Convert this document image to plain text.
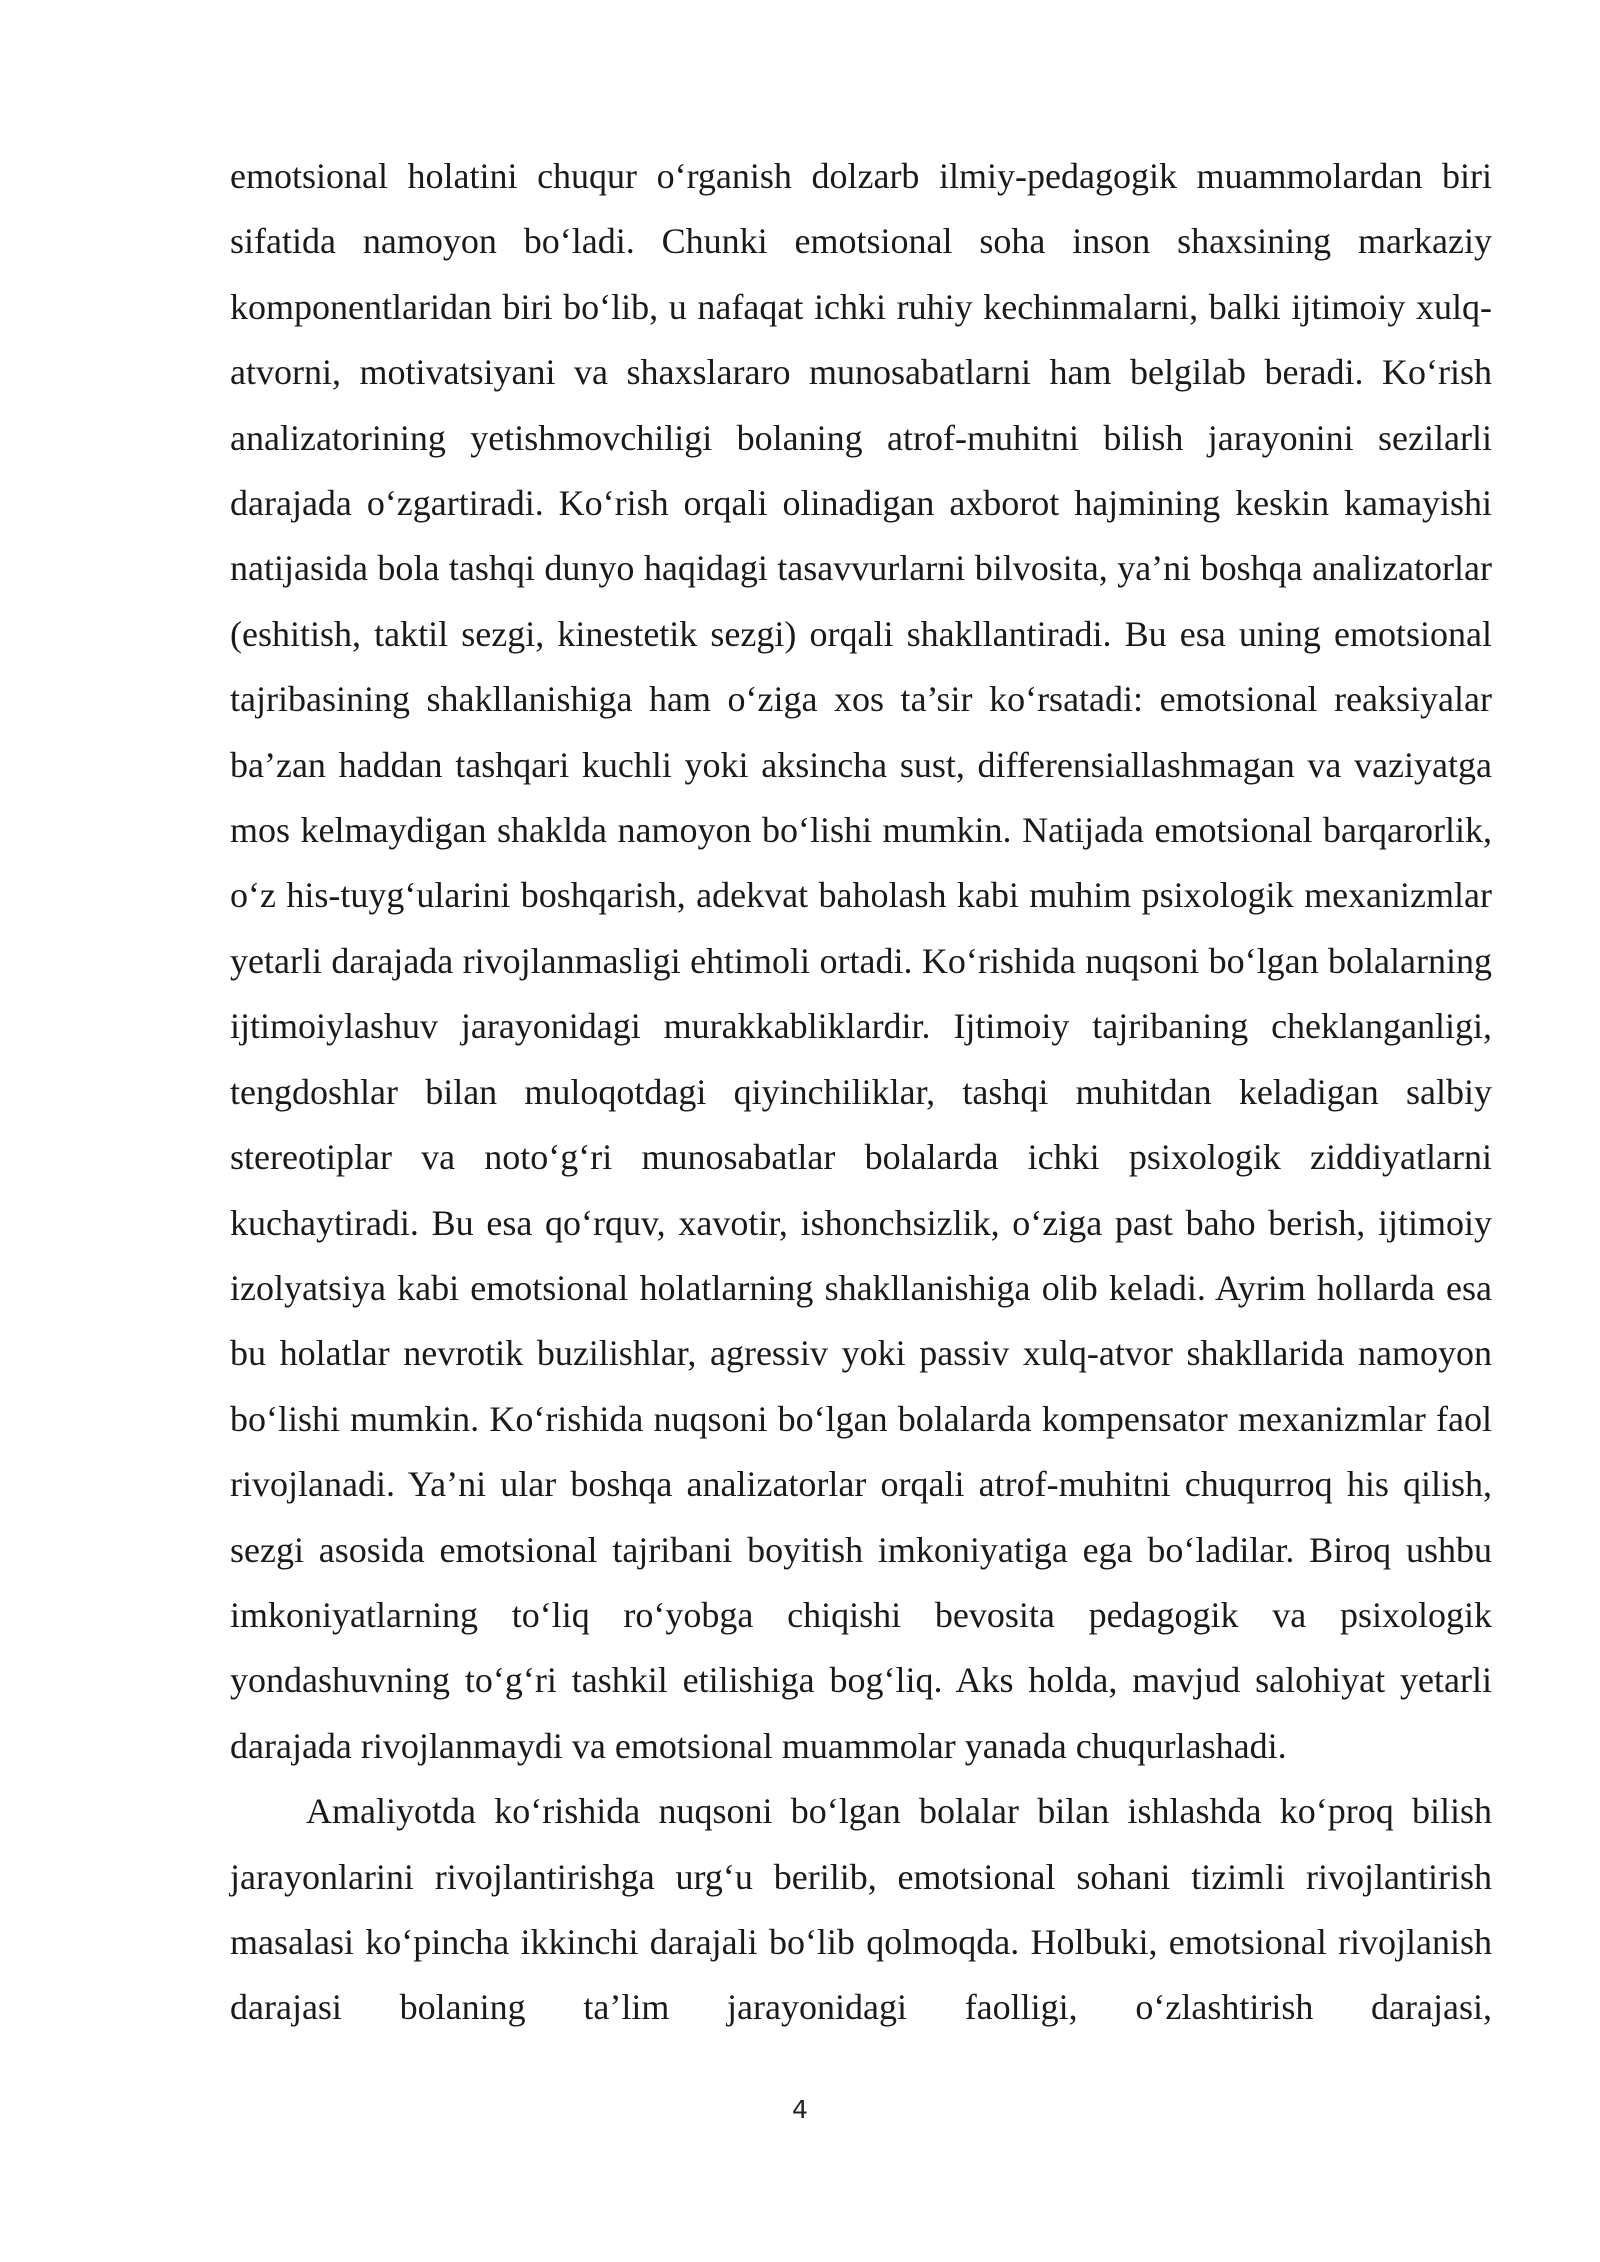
emotsional holatini chuqur o‘rganish dolzarb ilmiy-pedagogik muammolardan biri sifatida namoyon bo‘ladi. Chunki emotsional soha inson shaxsining markaziy komponentlaridan biri bo‘lib, u nafaqat ichki ruhiy kechinmalarni, balki ijtimoiy xulq-atvorni, motivatsiyani va shaxslararo munosabatlarni ham belgilab beradi. Ko‘rish analizatorining yetishmovchiligi bolaning atrof-muhitni bilish jarayonini sezilarli darajada o‘zgartiradi. Ko‘rish orqali olinadigan axborot hajmining keskin kamayishi natijasida bola tashqi dunyo haqidagi tasavvurlarni bilvosita, ya’ni boshqa analizatorlar (eshitish, taktil sezgi, kinestetik sezgi) orqali shakllantiradi. Bu esa uning emotsional tajribasining shakllanishiga ham o‘ziga xos ta’sir ko‘rsatadi: emotsional reaksiyalar ba’zan haddan tashqari kuchli yoki aksincha sust, differensiallashmagan va vaziyatga mos kelmaydigan shaklda namoyon bo‘lishi mumkin. Natijada emotsional barqarorlik, o‘z his-tuyg‘ularini boshqarish, adekvat baholash kabi muhim psixologik mexanizmlar yetarli darajada rivojlanmasligi ehtimoli ortadi. Ko‘rishida nuqsoni bo‘lgan bolalarning ijtimoiylashuv jarayonidagi murakkabliklardir. Ijtimoiy tajribaning cheklanganligi, tengdoshlar bilan muloqotdagi qiyinchiliklar, tashqi muhitdan keladigan salbiy stereotiplar va noto‘g‘ri munosabatlar bolalarda ichki psixologik ziddiyatlarni kuchaytiradi. Bu esa qo‘rquv, xavotir, ishonchsizlik, o‘ziga past baho berish, ijtimoiy izolyatsiya kabi emotsional holatlarning shakllanishiga olib keladi. Ayrim hollarda esa bu holatlar nevrotik buzilishlar, agressiv yoki passiv xulq-atvor shakllarida namoyon bo‘lishi mumkin. Ko‘rishida nuqsoni bo‘lgan bolalarda kompensator mexanizmlar faol rivojlanadi. Ya’ni ular boshqa analizatorlar orqali atrof-muhitni chuqurroq his qilish, sezgi asosida emotsional tajribani boyitish imkoniyatiga ega bo‘ladilar. Biroq ushbu imkoniyatlarning to‘liq ro‘yobga chiqishi bevosita pedagogik va psixologik yondashuvning to‘g‘ri tashkil etilishiga bog‘liq. Aks holda, mavjud salohiyat yetarli darajada rivojlanmaydi va emotsional muammolar yanada chuqurlashadi.

Amaliyotda ko‘rishida nuqsoni bo‘lgan bolalar bilan ishlashda ko‘proq bilish jarayonlarini rivojlantirishga urg‘u berilib, emotsional sohani tizimli rivojlantirish masalasi ko‘pincha ikkinchi darajali bo‘lib qolmoqda. Holbuki, emotsional rivojlanish darajasi bolaning ta’lim jarayonidagi faolligi, o‘zlashtirish darajasi,

4
